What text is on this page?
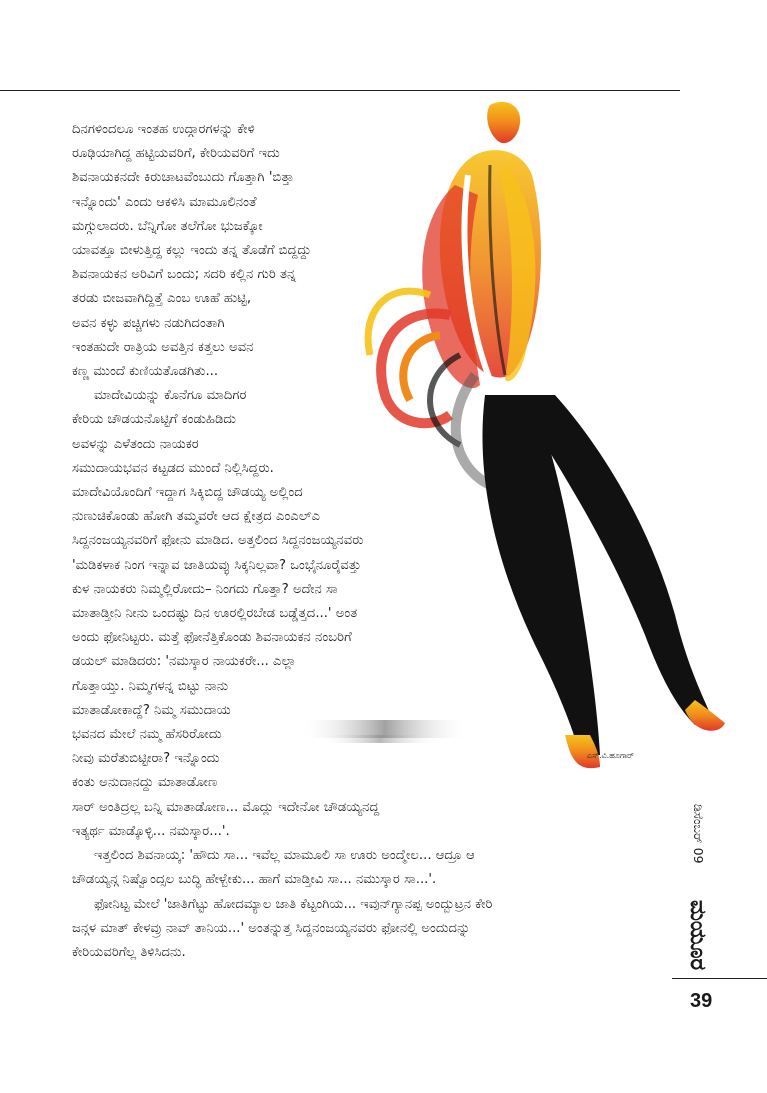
ಎಸ್.ವಿ.ಹೂಗಾರ್

ದಿನಗಳಿಂದಲೂ ಇಂತಹ ಉದ್ಗಾರಗಳನ್ನು ಕೇಳಿ

ರೂಢಿಯಾಗಿದ್ದ ಹಟ್ಟಿಯವರಿಗೆ, ಕೇರಿಯವರಿಗೆ ಇದು

ಶಿವನಾಯಕನದೇ ಕಿರುಚಾಟವೆಂಬುದು ಗೊತ್ತಾಗಿ 'ಬಿತ್ತಾ

ಇನ್ನೊಂದು' ಎಂದು ಆಕಳಿಸಿ ಮಾಮೂಲಿನಂತೆ

ಮಗ್ಗುಲಾದರು. ಬೆನ್ನಿಗೋ ತಲೆಗೋ ಭುಜಕ್ಕೋ

ಯಾವತ್ತೂ ಬೀಳುತ್ತಿದ್ದ ಕಲ್ಲು ಇಂದು ತನ್ನ ತೊಡೆಗೆ ಬಿದ್ದದ್ದು

ಶಿವನಾಯಕನ ಅರಿವಿಗೆ ಬಂದು; ಸದರಿ ಕಲ್ಲಿನ ಗುರಿ ತನ್ನ

ತರಡು ಬೀಜವಾಗಿದ್ದಿತ್ತೆ ಎಂಬ ಊಹೆ ಹುಟ್ಟಿ,

ಅವನ ಕಳ್ಳು ಪಚ್ಚಿಗಳು ನಡುಗಿದಂತಾಗಿ

ಇಂತಹುದೇ ರಾತ್ರಿಯ ಅವತ್ತಿನ ಕತ್ತಲು ಅವನ

ಕಣ್ಣ ಮುಂದೆ ಕುಣಿಯತೊಡಗಿತು...

ಮಾದೇವಿಯನ್ನು ಕೊನೆಗೂ ಮಾದಿಗರ

ಕೇರಿಯ ಚೌಡಯನೊಟ್ಟಿಗೆ ಕಂಡುಹಿಡಿದು

ಅವಳನ್ನು ಎಳೆತಂದು ನಾಯಕರ

ಸಮುದಾಯಭವನ ಕಟ್ಟಡದ ಮುಂದೆ ನಿಲ್ಲಿಸಿದ್ದರು.

ಮಾದೇವಿಯೊಂದಿಗೆ ಇದ್ದಾಗ ಸಿಕ್ಕಿಬಿದ್ದ ಚೌಡಯ್ಯ ಅಲ್ಲಿಂದ

ನುಣುಚಿಕೊಂಡು ಹೋಗಿ ತಮ್ಮವರೇ ಆದ ಕ್ಷೇತ್ರದ ಎಂಎಲ್‌ಎ

ಸಿದ್ದನಂಜಯ್ಯನವರಿಗೆ ಫೋನು ಮಾಡಿದ. ಅತ್ತಲಿಂದ ಸಿದ್ದನಂಜಯ್ಯನವರು

'ಮಡಿಕಳಾಕ ನಿಂಗ ಇನ್ನಾವ ಜಾತಿಯವ್ಳು ಸಿಕ್ಕನಿಲ್ಲವಾ? ಒಂಭೈನೂರೈವತ್ತು

ಕುಳ ನಾಯಕರು ನಿಮ್ಮಲ್ಲಿರೋದು– ನಿಂಗದು ಗೊತ್ತಾ? ಅದೇನ ಸಾ

ಮಾತಾಡ್ತೀನಿ ನೀನು ಒಂದಷ್ಟು ದಿನ ಊರಲ್ಲಿರಬೇಡ ಬಡ್ಡೆತ್ತದ...' ಅಂತ

ಅಂದು ಫೋನಿಟ್ಟರು. ಮತ್ತೆ ಫೋನೆತ್ತಿಕೊಂಡು ಶಿವನಾಯಕನ ನಂಬರಿಗೆ

ಡಯಲ್ ಮಾಡಿದರು: 'ನಮಸ್ಕಾರ ನಾಯಕರೇ... ಎಲ್ಲಾ

ಗೊತ್ತಾಯ್ತು. ನಿಮ್ಮಗಳನ್ನ ಬಿಟ್ಟು ನಾನು

ಮಾತಾಡೋಕಾದ್ದೆ? ನಿಮ್ಮ ಸಮುದಾಯ

ಭವನದ ಮೇಲೆ ನಮ್ಮ ಹೆಸರಿರೋದು

ನೀವು ಮರೆತುಬಿಟ್ಟೀರಾ? ಇನ್ನೊಂದು

ಕಂತು ಅನುದಾನದ್ದು ಮಾತಾಡೋಣ

ಸಾರ್ ಅಂತಿದ್ರಲ್ಲ ಬನ್ನಿ ಮಾತಾಡೋಣ... ಮೊದ್ಲು ಇದೇನೋ ಚೌಡಯ್ಯನದ್ದ

ಇತ್ಯರ್ಥ ಮಾಡ್ಕೊಳ್ಳಿ... ನಮಸ್ಕಾರ...'.

ಇತ್ತಲಿಂದ ಶಿವನಾಯ್ಕ: 'ಹೌದು ಸಾ... ಇವೆಲ್ಲ ಮಾಮೂಲಿ ಸಾ ಊರು ಅಂದ್ಮೇಲ... ಆದ್ರೂ ಆ

ಚೌಡಯ್ಯನ್ಗ ನಿಷ್ವೊಂದ್ಸಲ ಬುದ್ಧಿ ಹೇಳ್ಬೇಕು... ಹಾಗೆ ಮಾಡ್ತೀವಿ ಸಾ... ನಮುಸ್ಕಾರ ಸಾ...'.

ಫೋನಿಟ್ಟ ಮೇಲೆ 'ಜಾತಿಗೆಟ್ಟು ಹೋದಮ್ಯಾಲ ಜಾತಿ ಕೆಟ್ಟಂಗಿಯ... ಇವುನ್‌ಗ್ಯಾನಪ್ಪ ಅಂದ್ಬುಟ್ರನ ಕೇರಿ

ಜನ್ಗಳ ಮಾತ್ ಕೇಳವ್ರು ನಾವ್ ತಾನಿಯ...' ಅಂತನ್ನುತ್ತ ಸಿದ್ದನಂಜಯ್ಯನವರು ಫೋನಲ್ಲಿ ಅಂದುದನ್ನು

ಕೇರಿಯವರಿಗೆಲ್ಲ ತಿಳಿಸಿದನು.

ಡಿಸೆಂಬರ್ 09
ಮಯೂರ
39
